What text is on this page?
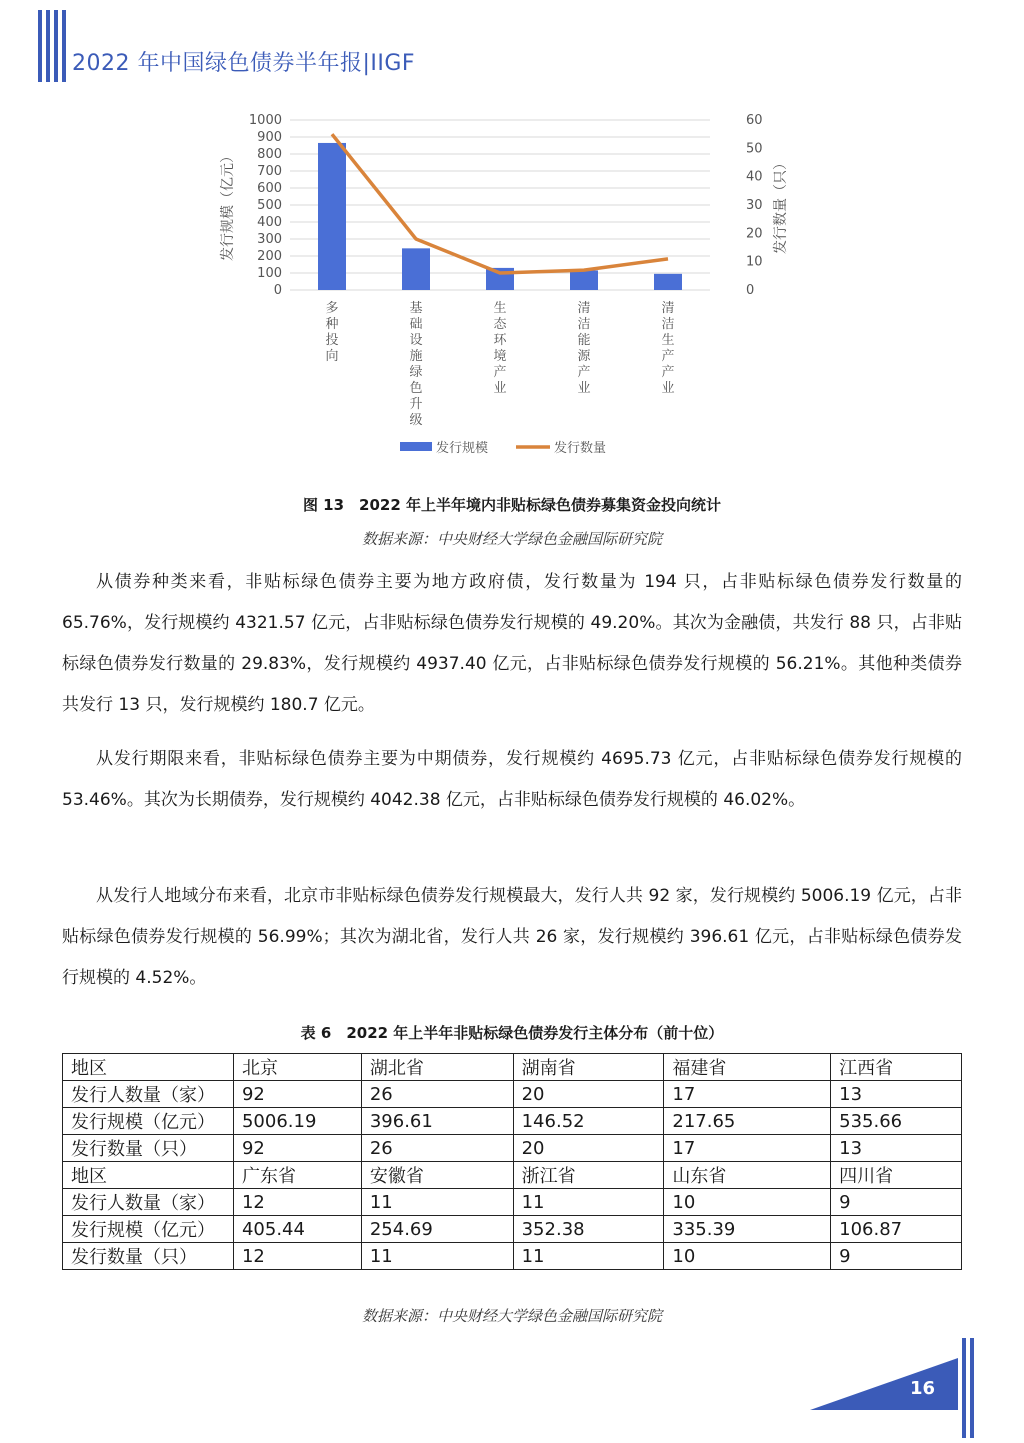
2022 年中国绿色债券半年报|IIGF
0
100
200
300
400
500
600
700
800
900
1000
0
10
20
30
40
50
60
多种投向
基础设施绿色升级
生态环境产业
清洁能源产业
清洁生产产业
发行规模（亿元）	发行数量（只）
发行规模	发行数量
图 13　2022 年上半年境内非贴标绿色债券募集资金投向统计
数据来源：中央财经大学绿色金融国际研究院

从债券种类来看，非贴标绿色债券主要为地方政府债，发行数量为 194 只，占非贴标绿色债券发行数量的 65.76%，发行规模约 4321.57 亿元，占非贴标绿色债券发行规模的 49.20%。其次为金融债，共发行 88 只，占非贴标绿色债券发行数量的 29.83%，发行规模约 4937.40 亿元，占非贴标绿色债券发行规模的 56.21%。其他种类债券共发行 13 只，发行规模约 180.7 亿元。

从发行期限来看，非贴标绿色债券主要为中期债券，发行规模约 4695.73 亿元，占非贴标绿色债券发行规模的 53.46%。其次为长期债券，发行规模约 4042.38 亿元，占非贴标绿色债券发行规模的 46.02%。

从发行人地域分布来看，北京市非贴标绿色债券发行规模最大，发行人共 92 家，发行规模约 5006.19 亿元，占非贴标绿色债券发行规模的 56.99%；其次为湖北省，发行人共 26 家，发行规模约 396.61 亿元，占非贴标绿色债券发行规模的 4.52%。

表 6　2022 年上半年非贴标绿色债券发行主体分布（前十位）
地区	北京	湖北省	湖南省	福建省	江西省
发行人数量（家）	92	26	20	17	13
发行规模（亿元）	5006.19	396.61	146.52	217.65	535.66
发行数量（只）	92	26	20	17	13
地区	广东省	安徽省	浙江省	山东省	四川省
发行人数量（家）	12	11	11	10	9
发行规模（亿元）	405.44	254.69	352.38	335.39	106.87
发行数量（只）	12	11	11	10	9
数据来源：中央财经大学绿色金融国际研究院
16
